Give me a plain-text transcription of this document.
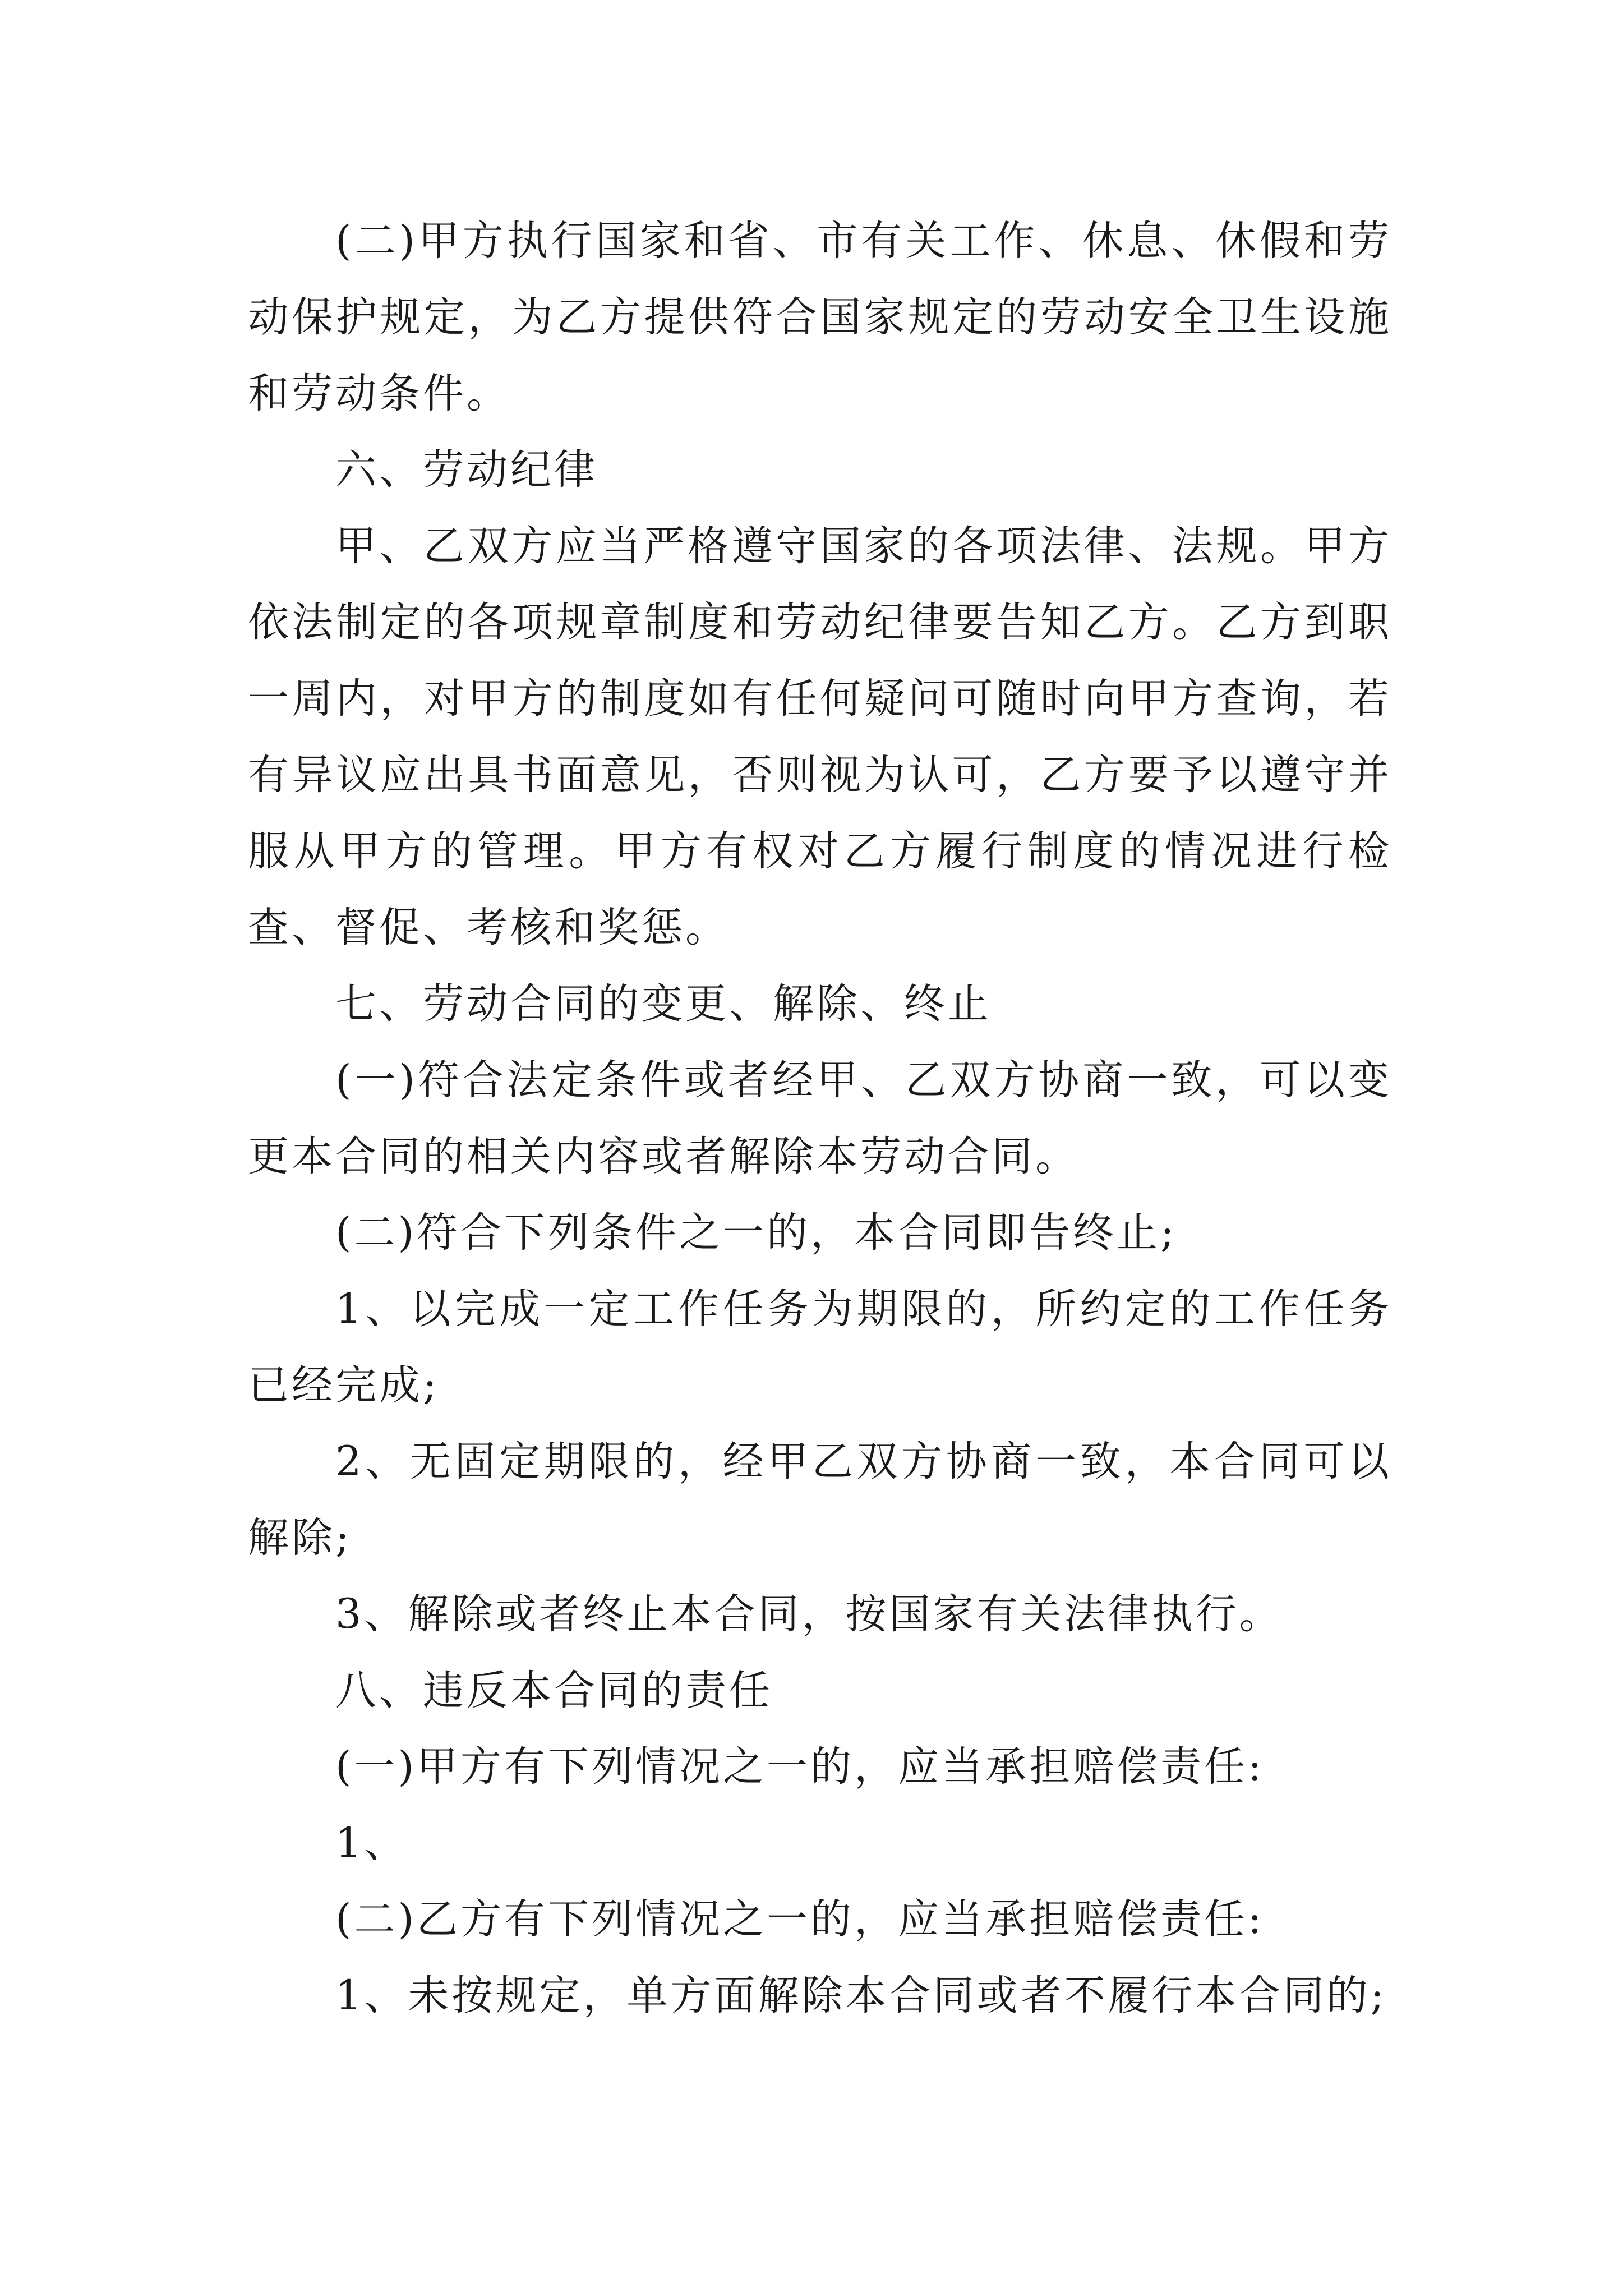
(二)甲方执行国家和省、市有关工作、休息、休假和劳动保护规定，为乙方提供符合国家规定的劳动安全卫生设施和劳动条件。

六、劳动纪律

甲、乙双方应当严格遵守国家的各项法律、法规。甲方依法制定的各项规章制度和劳动纪律要告知乙方。乙方到职一周内，对甲方的制度如有任何疑问可随时向甲方查询，若有异议应出具书面意见，否则视为认可，乙方要予以遵守并服从甲方的管理。甲方有权对乙方履行制度的情况进行检查、督促、考核和奖惩。

七、劳动合同的变更、解除、终止

(一)符合法定条件或者经甲、乙双方协商一致，可以变更本合同的相关内容或者解除本劳动合同。

(二)符合下列条件之一的，本合同即告终止;

1、以完成一定工作任务为期限的，所约定的工作任务已经完成;

2、无固定期限的，经甲乙双方协商一致，本合同可以解除;

3、解除或者终止本合同，按国家有关法律执行。

八、违反本合同的责任

(一)甲方有下列情况之一的，应当承担赔偿责任:

1、

(二)乙方有下列情况之一的，应当承担赔偿责任:

1、未按规定，单方面解除本合同或者不履行本合同的;
